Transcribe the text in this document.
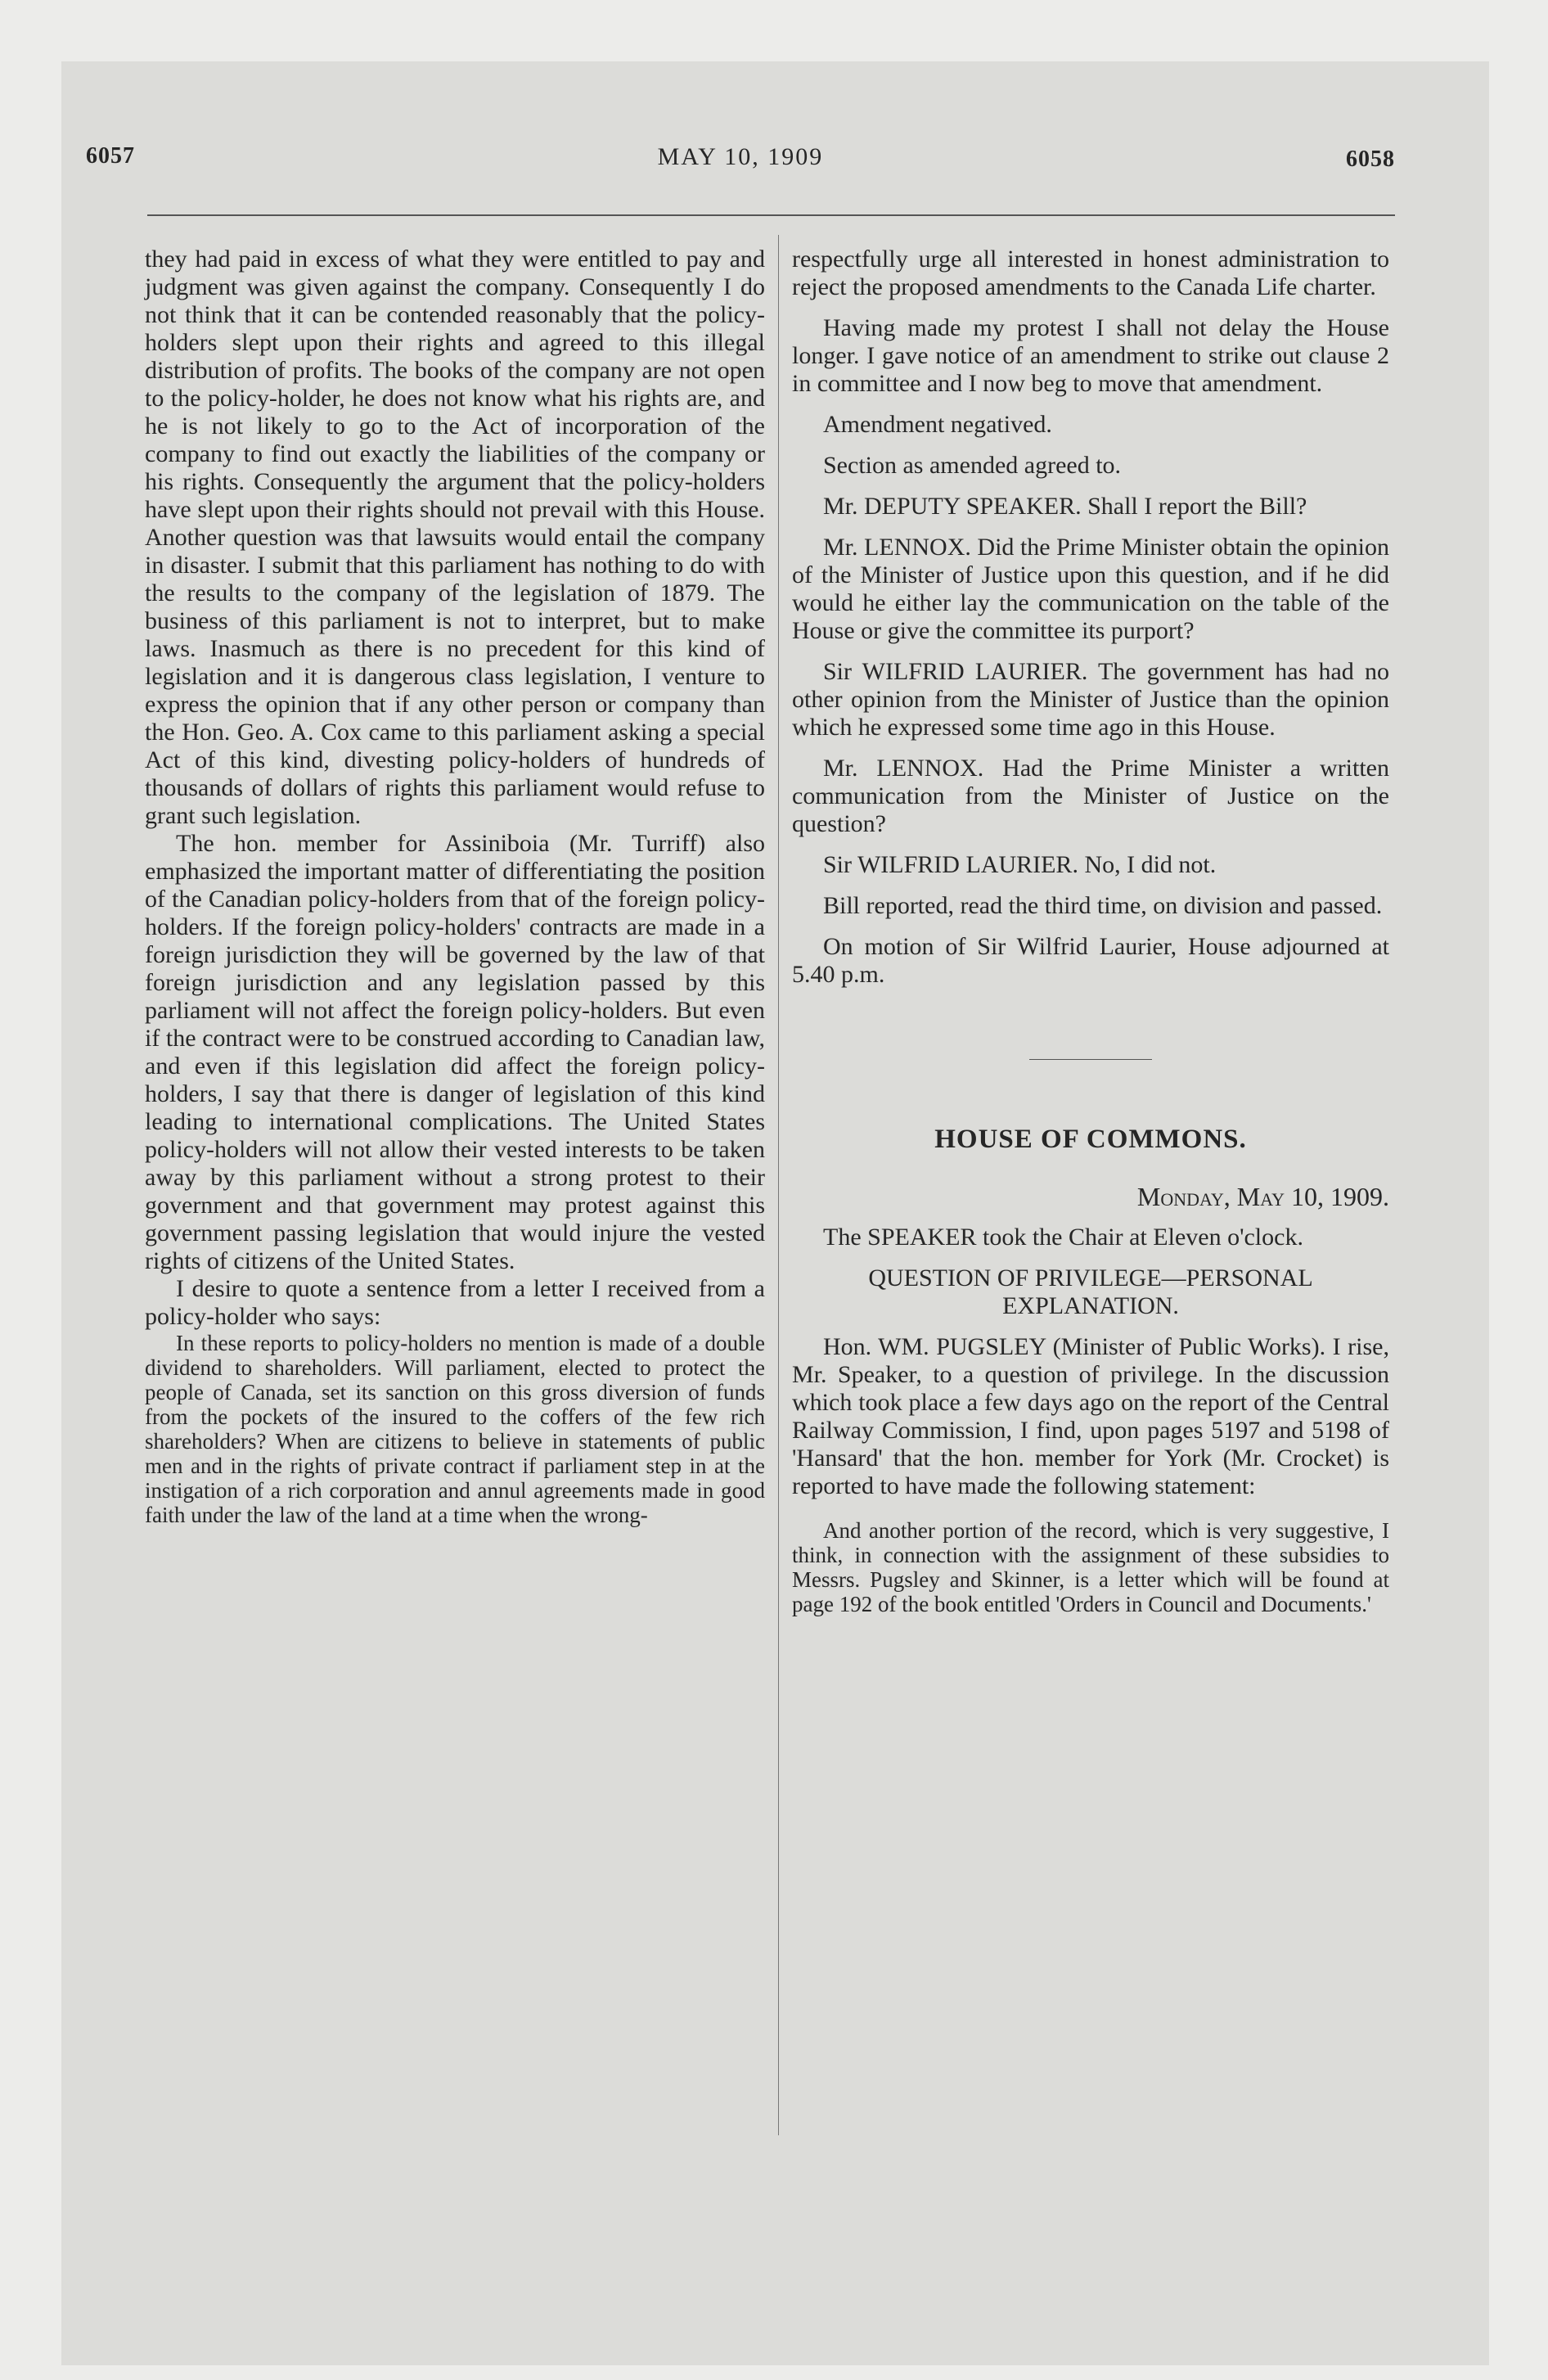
6057	MAY 10, 1909	6058

they had paid in excess of what they were entitled to pay and judgment was given against the company. Consequently I do not think that it can be contended reasonably that the policy-holders slept upon their rights and agreed to this illegal distribution of profits. The books of the company are not open to the policy-holder, he does not know what his rights are, and he is not likely to go to the Act of incorporation of the company to find out exactly the liabilities of the company or his rights. Consequently the argument that the policy-holders have slept upon their rights should not prevail with this House. Another question was that lawsuits would entail the company in disaster. I submit that this parliament has nothing to do with the results to the company of the legislation of 1879. The business of this parliament is not to interpret, but to make laws. Inasmuch as there is no precedent for this kind of legislation and it is dangerous class legislation, I venture to express the opinion that if any other person or company than the Hon. Geo. A. Cox came to this parliament asking a special Act of this kind, divesting policy-holders of hundreds of thousands of dollars of rights this parliament would refuse to grant such legislation.

The hon. member for Assiniboia (Mr. Turriff) also emphasized the important matter of differentiating the position of the Canadian policy-holders from that of the foreign policy-holders. If the foreign policy-holders' contracts are made in a foreign jurisdiction they will be governed by the law of that foreign jurisdiction and any legislation passed by this parliament will not affect the foreign policy-holders. But even if the contract were to be construed according to Canadian law, and even if this legislation did affect the foreign policy-holders, I say that there is danger of legislation of this kind leading to international complications. The United States policy-holders will not allow their vested interests to be taken away by this parliament without a strong protest to their government and that government may protest against this government passing legislation that would injure the vested rights of citizens of the United States.

I desire to quote a sentence from a letter I received from a policy-holder who says:

In these reports to policy-holders no mention is made of a double dividend to shareholders. Will parliament, elected to protect the people of Canada, set its sanction on this gross diversion of funds from the pockets of the insured to the coffers of the few rich shareholders? When are citizens to believe in statements of public men and in the rights of private contract if parliament step in at the instigation of a rich corporation and annul agreements made in good faith under the law of the land at a time when the wrong-

respectfully urge all interested in honest administration to reject the proposed amendments to the Canada Life charter.

Having made my protest I shall not delay the House longer. I gave notice of an amendment to strike out clause 2 in committee and I now beg to move that amendment.

Amendment negatived.

Section as amended agreed to.

Mr. DEPUTY SPEAKER. Shall I report the Bill?

Mr. LENNOX. Did the Prime Minister obtain the opinion of the Minister of Justice upon this question, and if he did would he either lay the communication on the table of the House or give the committee its purport?

Sir WILFRID LAURIER. The government has had no other opinion from the Minister of Justice than the opinion which he expressed some time ago in this House.

Mr. LENNOX. Had the Prime Minister a written communication from the Minister of Justice on the question?

Sir WILFRID LAURIER. No, I did not.

Bill reported, read the third time, on division and passed.

On motion of Sir Wilfrid Laurier, House adjourned at 5.40 p.m.

HOUSE OF COMMONS.

Monday, May 10, 1909.

The SPEAKER took the Chair at Eleven o'clock.

QUESTION OF PRIVILEGE—PERSONAL EXPLANATION.

Hon. WM. PUGSLEY (Minister of Public Works). I rise, Mr. Speaker, to a question of privilege. In the discussion which took place a few days ago on the report of the Central Railway Commission, I find, upon pages 5197 and 5198 of 'Hansard' that the hon. member for York (Mr. Crocket) is reported to have made the following statement:

And another portion of the record, which is very suggestive, I think, in connection with the assignment of these subsidies to Messrs. Pugsley and Skinner, is a letter which will be found at page 192 of the book entitled 'Orders in Council and Documents.'
